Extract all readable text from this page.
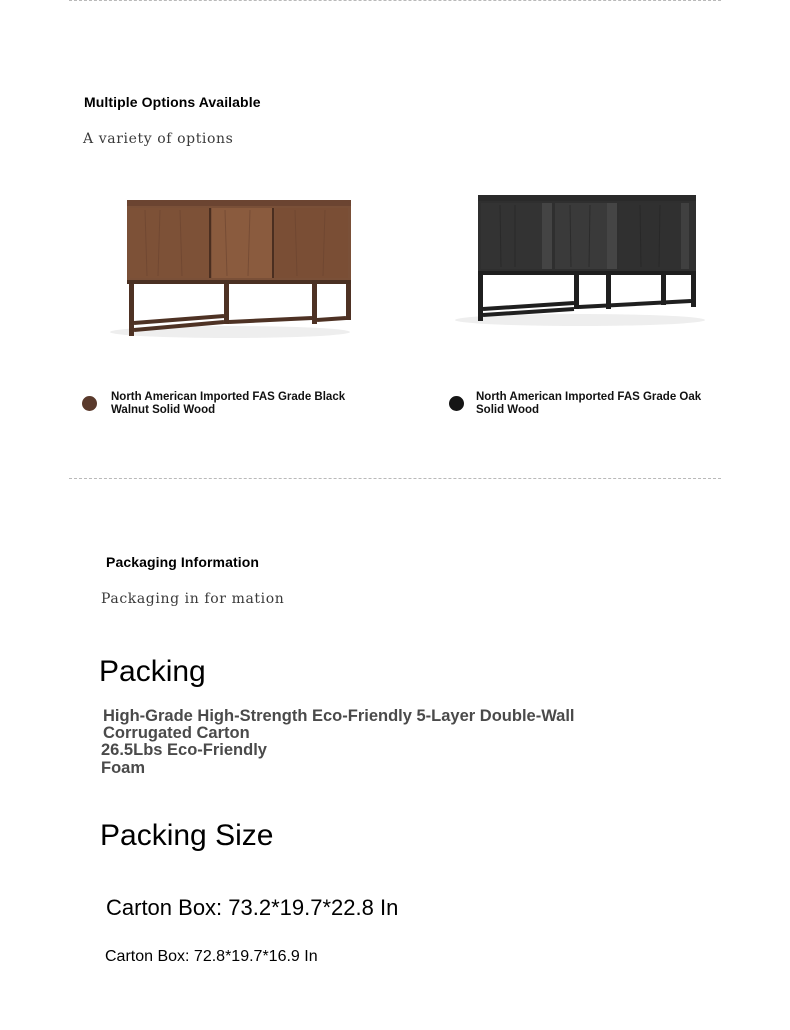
Multiple Options Available
A variety of options
North American Imported FAS Grade Black Walnut Solid Wood
North American Imported FAS Grade Oak Solid Wood
Packaging Information
Packaging in for mation
Packing
High-Grade High-Strength Eco-Friendly 5-Layer Double-Wall
Corrugated Carton
26.5Lbs Eco-Friendly
Foam
Packing Size
Carton Box: 73.2*19.7*22.8 In
Carton Box: 72.8*19.7*16.9 In
